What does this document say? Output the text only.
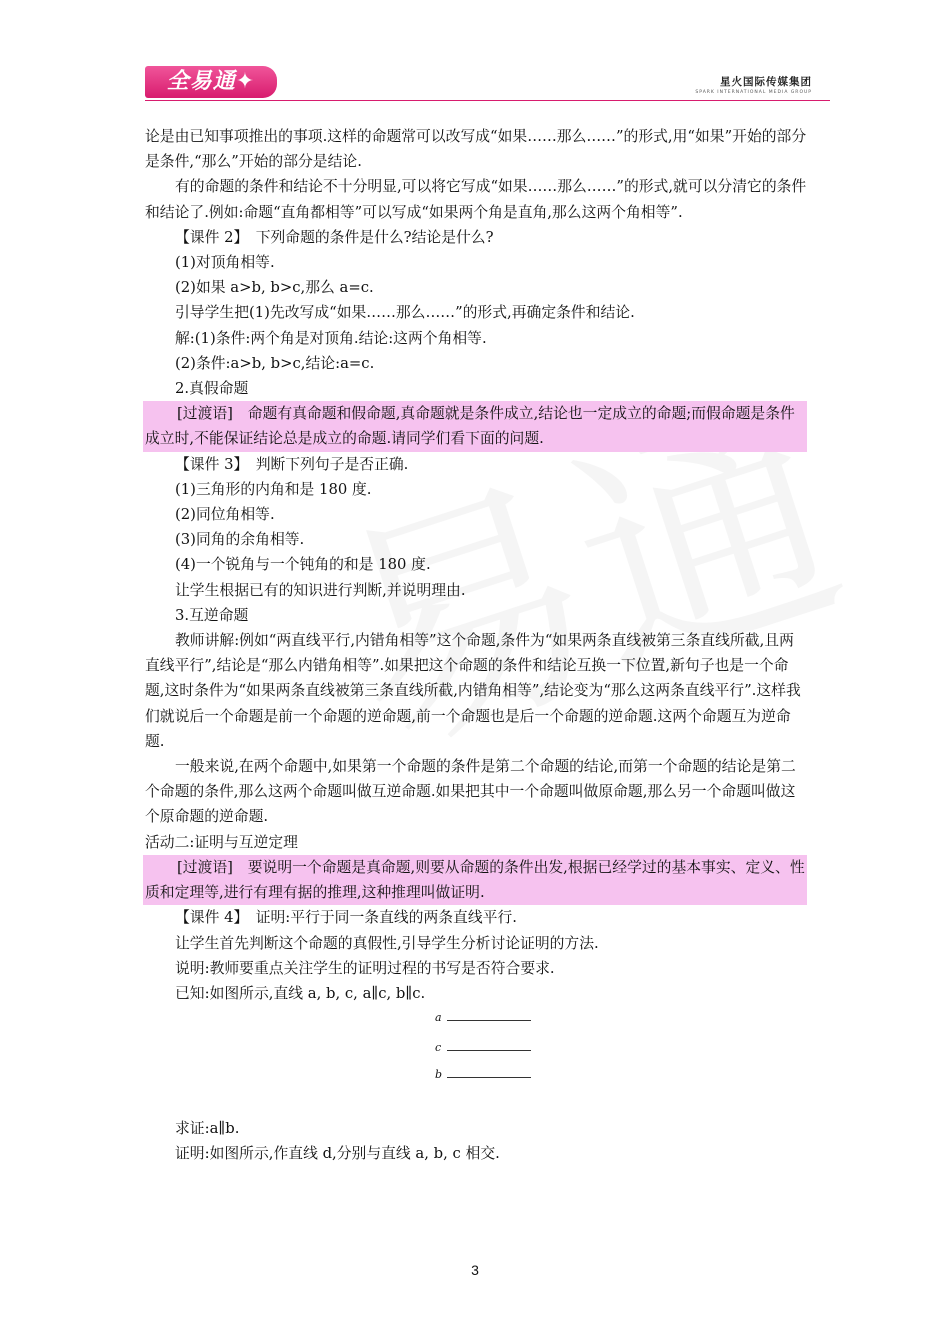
全易通✦	星火国际传媒集团
SPARK INTERNATIONAL MEDIA GROUP

论是由已知事项推出的事项.这样的命题常可以改写成“如果……那么……”的形式,用“如果”开始的部分是条件,“那么”开始的部分是结论.

有的命题的条件和结论不十分明显,可以将它写成“如果……那么……”的形式,就可以分清它的条件和结论了.例如:命题“直角都相等”可以写成“如果两个角是直角,那么这两个角相等”.

【课件 2】　下列命题的条件是什么?结论是什么?

(1)对顶角相等.

(2)如果 a>b, b>c,那么 a=c.

引导学生把(1)先改写成“如果……那么……”的形式,再确定条件和结论.

解:(1)条件:两个角是对顶角.结论:这两个角相等.

(2)条件:a>b, b>c,结论:a=c.

2.真假命题

[过渡语]　命题有真命题和假命题,真命题就是条件成立,结论也一定成立的命题;而假命题是条件成立时,不能保证结论总是成立的命题.请同学们看下面的问题.

【课件 3】　判断下列句子是否正确.

(1)三角形的内角和是 180 度.

(2)同位角相等.

(3)同角的余角相等.

(4)一个锐角与一个钝角的和是 180 度.

让学生根据已有的知识进行判断,并说明理由.

3.互逆命题

教师讲解:例如“两直线平行,内错角相等”这个命题,条件为“如果两条直线被第三条直线所截,且两直线平行”,结论是“那么内错角相等”.如果把这个命题的条件和结论互换一下位置,新句子也是一个命题,这时条件为“如果两条直线被第三条直线所截,内错角相等”,结论变为“那么这两条直线平行”.这样我们就说后一个命题是前一个命题的逆命题,前一个命题也是后一个命题的逆命题.这两个命题互为逆命题.

一般来说,在两个命题中,如果第一个命题的条件是第二个命题的结论,而第一个命题的结论是第二个命题的条件,那么这两个命题叫做互逆命题.如果把其中一个命题叫做原命题,那么另一个命题叫做这个原命题的逆命题.

活动二:证明与互逆定理

[过渡语]　要说明一个命题是真命题,则要从命题的条件出发,根据已经学过的基本事实、定义、性质和定理等,进行有理有据的推理,这种推理叫做证明.

【课件 4】　证明:平行于同一条直线的两条直线平行.

让学生首先判断这个命题的真假性,引导学生分析讨论证明的方法.

说明:教师要重点关注学生的证明过程的书写是否符合要求.

已知:如图所示,直线 a, b, c, a∥c, b∥c.

a
c
b

求证:a∥b.

证明:如图所示,作直线 d,分别与直线 a, b, c 相交.

3
